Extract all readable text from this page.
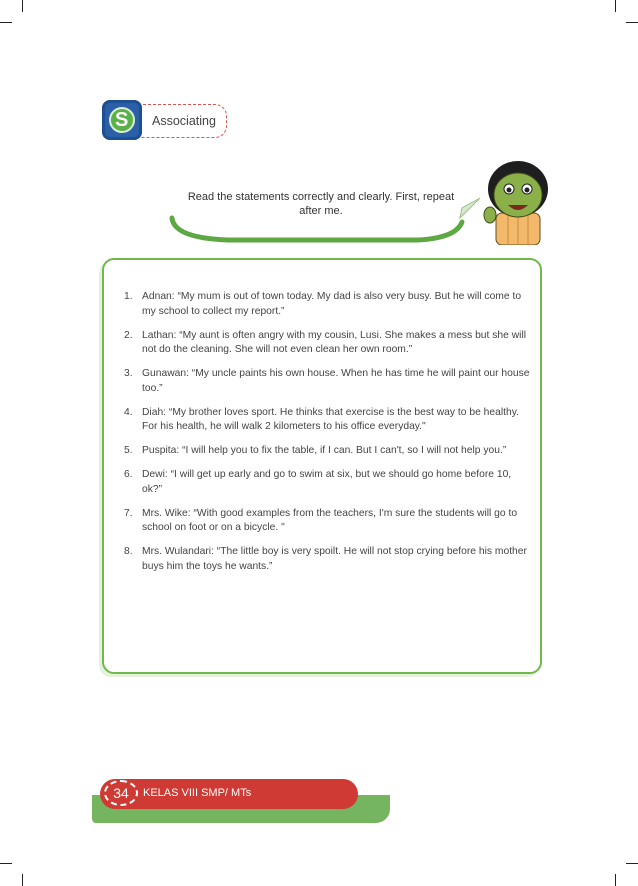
S Associating
Read the statements correctly and clearly. First, repeat after me.
1. Adnan: “My mum is out of town today. My dad is also very busy. But he will come to my school to collect my report.”
2. Lathan: “My aunt is often angry with my cousin, Lusi. She makes a mess but she will not do the cleaning. She will not even clean her own room.”
3. Gunawan: “My uncle paints his own house. When he has time he will paint our house too.”
4. Diah: “My brother loves sport. He thinks that exercise is the best way to be healthy. For his health, he will walk 2 kilometers to his office everyday."
5. Puspita: “I will help you to fix the table, if I can. But I can't, so I will not help you.”
6. Dewi: “I will get up early and go to swim at six, but we should go home before 10, ok?”
7. Mrs. Wike: “With good examples from the teachers, I'm sure the students will go to school on foot or on a bicycle. "
8. Mrs. Wulandari: “The little boy is very spoilt. He will not stop crying before his mother buys him the toys he wants.”
34	KELAS VIII SMP/ MTs
